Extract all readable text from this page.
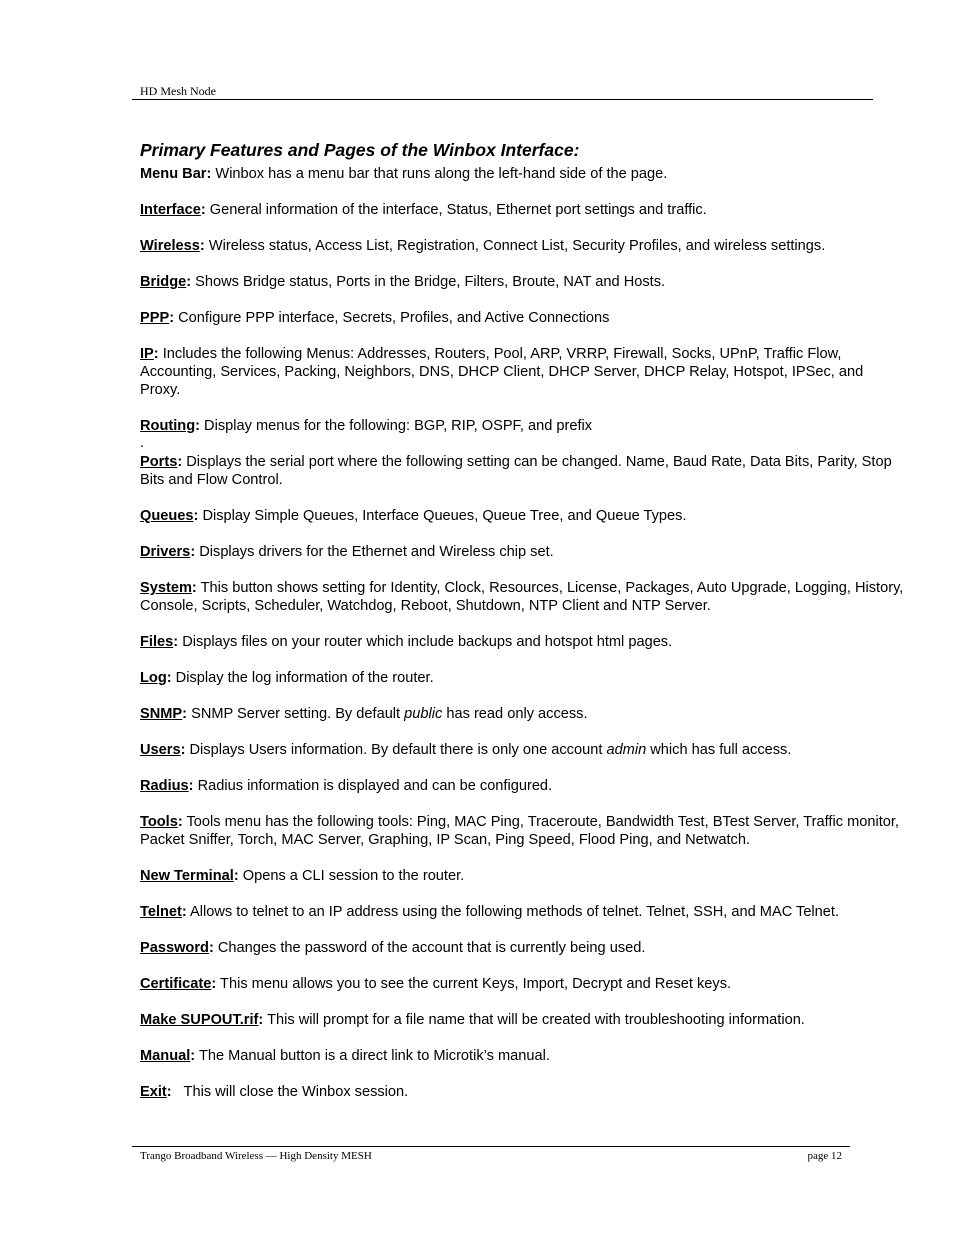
HD Mesh Node
Primary Features and Pages of the Winbox Interface:

Menu Bar: Winbox has a menu bar that runs along the left-hand side of the page.

Interface: General information of the interface, Status, Ethernet port settings and traffic.

Wireless: Wireless status, Access List, Registration, Connect List, Security Profiles, and wireless settings.

Bridge: Shows Bridge status, Ports in the Bridge, Filters, Broute, NAT and Hosts.

PPP: Configure PPP interface, Secrets, Profiles, and Active Connections

IP: Includes the following Menus: Addresses, Routers, Pool, ARP, VRRP, Firewall, Socks, UPnP, Traffic Flow, Accounting, Services, Packing, Neighbors, DNS, DHCP Client, DHCP Server, DHCP Relay, Hotspot, IPSec, and Proxy.

Routing: Display menus for the following: BGP, RIP, OSPF, and prefix

.

Ports: Displays the serial port where the following setting can be changed. Name, Baud Rate, Data Bits, Parity, Stop Bits and Flow Control.

Queues: Display Simple Queues, Interface Queues, Queue Tree, and Queue Types.

Drivers: Displays drivers for the Ethernet and Wireless chip set.

System: This button shows setting for Identity, Clock, Resources, License, Packages, Auto Upgrade, Logging, History, Console, Scripts, Scheduler, Watchdog, Reboot, Shutdown, NTP Client and NTP Server.

Files: Displays files on your router which include backups and hotspot html pages.

Log: Display the log information of the router.

SNMP: SNMP Server setting. By default public has read only access.

Users: Displays Users information. By default there is only one account admin which has full access.

Radius: Radius information is displayed and can be configured.

Tools: Tools menu has the following tools: Ping, MAC Ping, Traceroute, Bandwidth Test, BTest Server, Traffic monitor, Packet Sniffer, Torch, MAC Server, Graphing, IP Scan, Ping Speed, Flood Ping, and Netwatch.

New Terminal: Opens a CLI session to the router.

Telnet: Allows to telnet to an IP address using the following methods of telnet. Telnet, SSH, and MAC Telnet.

Password: Changes the password of the account that is currently being used.

Certificate: This menu allows you to see the current Keys, Import, Decrypt and Reset keys.

Make SUPOUT.rif: This will prompt for a file name that will be created with troubleshooting information.

Manual: The Manual button is a direct link to Microtik’s manual.

Exit:   This will close the Winbox session.

Trango Broadband Wireless — High Density MESH	page 12
